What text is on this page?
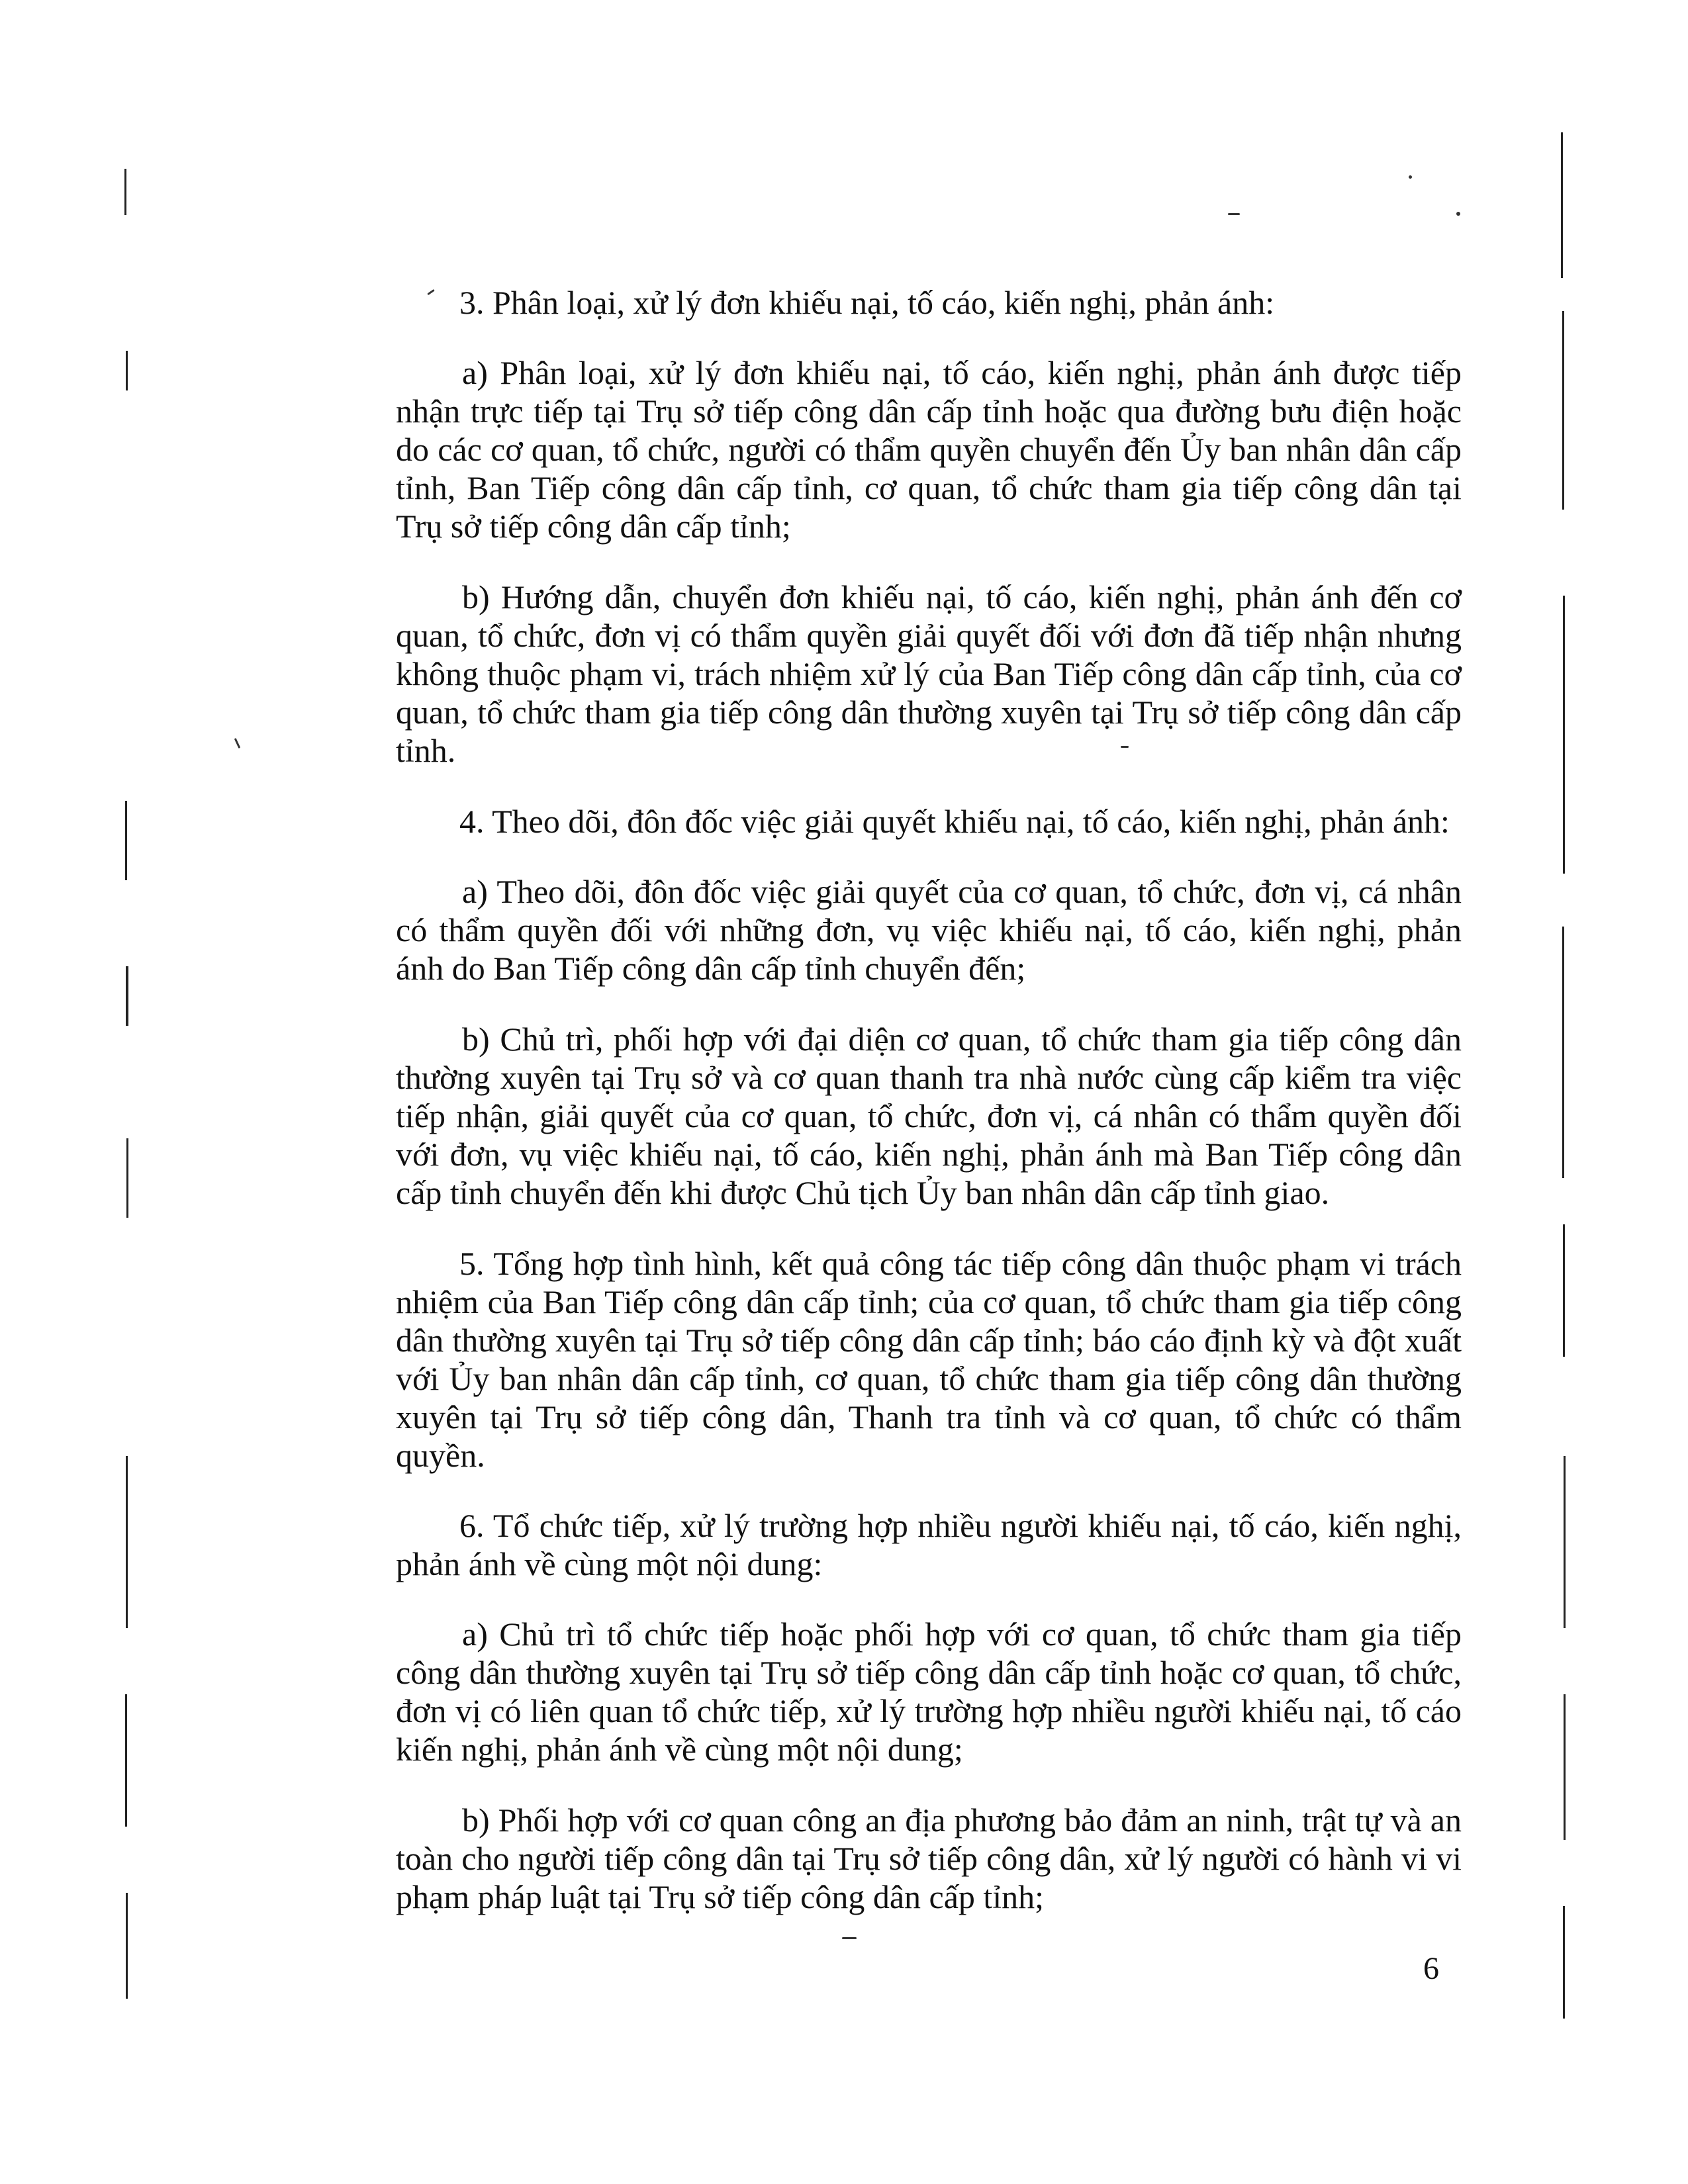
3. Phân loại, xử lý đơn khiếu nại, tố cáo, kiến nghị, phản ánh:

a) Phân loại, xử lý đơn khiếu nại, tố cáo, kiến nghị, phản ánh được tiếp nhận trực tiếp tại Trụ sở tiếp công dân cấp tỉnh hoặc qua đường bưu điện hoặc do các cơ quan, tổ chức, người có thẩm quyền chuyển đến Ủy ban nhân dân cấp tỉnh, Ban Tiếp công dân cấp tỉnh, cơ quan, tổ chức tham gia tiếp công dân tại Trụ sở tiếp công dân cấp tỉnh;

b) Hướng dẫn, chuyển đơn khiếu nại, tố cáo, kiến nghị, phản ánh đến cơ quan, tổ chức, đơn vị có thẩm quyền giải quyết đối với đơn đã tiếp nhận nhưng không thuộc phạm vi, trách nhiệm xử lý của Ban Tiếp công dân cấp tỉnh, của cơ quan, tổ chức tham gia tiếp công dân thường xuyên tại Trụ sở tiếp công dân cấp tỉnh.

4. Theo dõi, đôn đốc việc giải quyết khiếu nại, tố cáo, kiến nghị, phản ánh:

a) Theo dõi, đôn đốc việc giải quyết của cơ quan, tổ chức, đơn vị, cá nhân có thẩm quyền đối với những đơn, vụ việc khiếu nại, tố cáo, kiến nghị, phản ánh do Ban Tiếp công dân cấp tỉnh chuyển đến;

b) Chủ trì, phối hợp với đại diện cơ quan, tổ chức tham gia tiếp công dân thường xuyên tại Trụ sở và cơ quan thanh tra nhà nước cùng cấp kiểm tra việc tiếp nhận, giải quyết của cơ quan, tổ chức, đơn vị, cá nhân có thẩm quyền đối với đơn, vụ việc khiếu nại, tố cáo, kiến nghị, phản ánh mà Ban Tiếp công dân cấp tỉnh chuyển đến khi được Chủ tịch Ủy ban nhân dân cấp tỉnh giao.

5. Tổng hợp tình hình, kết quả công tác tiếp công dân thuộc phạm vi trách nhiệm của Ban Tiếp công dân cấp tỉnh; của cơ quan, tổ chức tham gia tiếp công dân thường xuyên tại Trụ sở tiếp công dân cấp tỉnh; báo cáo định kỳ và đột xuất với Ủy ban nhân dân cấp tỉnh, cơ quan, tổ chức tham gia tiếp công dân thường xuyên tại Trụ sở tiếp công dân, Thanh tra tỉnh và cơ quan, tổ chức có thẩm quyền.

6. Tổ chức tiếp, xử lý trường hợp nhiều người khiếu nại, tố cáo, kiến nghị, phản ánh về cùng một nội dung:

a) Chủ trì tổ chức tiếp hoặc phối hợp với cơ quan, tổ chức tham gia tiếp công dân thường xuyên tại Trụ sở tiếp công dân cấp tỉnh hoặc cơ quan, tổ chức, đơn vị có liên quan tổ chức tiếp, xử lý trường hợp nhiều người khiếu nại, tố cáo kiến nghị, phản ánh về cùng một nội dung;

b) Phối hợp với cơ quan công an địa phương bảo đảm an ninh, trật tự và an toàn cho người tiếp công dân tại Trụ sở tiếp công dân, xử lý người có hành vi vi phạm pháp luật tại Trụ sở tiếp công dân cấp tỉnh;

6
